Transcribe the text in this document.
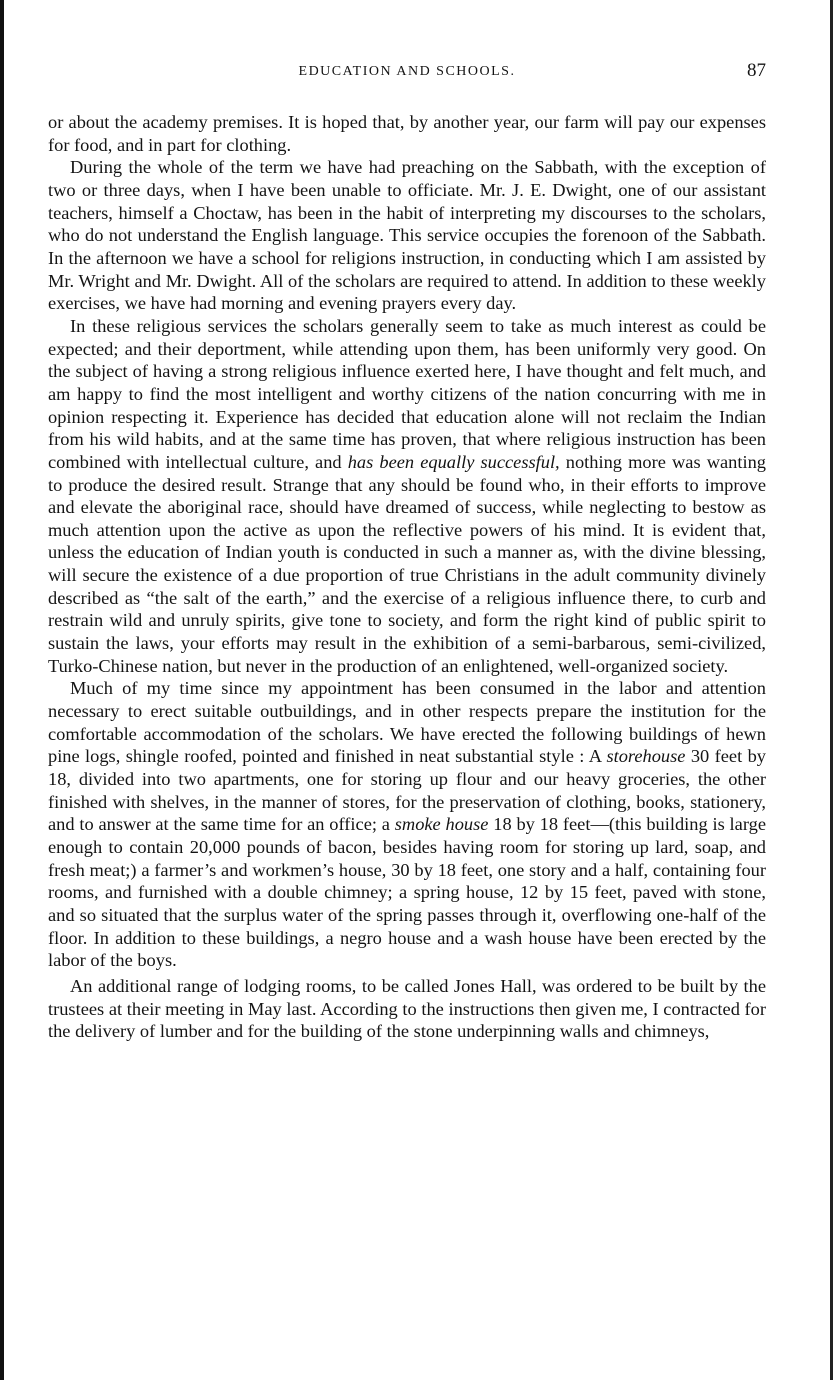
EDUCATION AND SCHOOLS.	87

or about the academy premises. It is hoped that, by another year, our farm will pay our expenses for food, and in part for clothing.

During the whole of the term we have had preaching on the Sabbath, with the exception of two or three days, when I have been unable to officiate. Mr. J. E. Dwight, one of our assistant teachers, himself a Choctaw, has been in the habit of interpreting my discourses to the scholars, who do not understand the English language. This service occupies the forenoon of the Sabbath. In the afternoon we have a school for religions instruction, in conducting which I am assisted by Mr. Wright and Mr. Dwight. All of the scholars are required to attend. In addition to these weekly exercises, we have had morning and evening prayers every day.

In these religious services the scholars generally seem to take as much interest as could be expected; and their deportment, while attending upon them, has been uniformly very good. On the subject of having a strong religious influence exerted here, I have thought and felt much, and am happy to find the most intelligent and worthy citizens of the nation concurring with me in opinion respecting it. Experience has decided that education alone will not reclaim the Indian from his wild habits, and at the same time has proven, that where religious instruction has been combined with intellectual culture, and has been equally successful, nothing more was wanting to produce the desired result. Strange that any should be found who, in their efforts to improve and elevate the aboriginal race, should have dreamed of success, while neglecting to bestow as much attention upon the active as upon the reflective powers of his mind. It is evident that, unless the education of Indian youth is conducted in such a manner as, with the divine blessing, will secure the existence of a due proportion of true Christians in the adult community divinely described as “the salt of the earth,” and the exercise of a religious influence there, to curb and restrain wild and unruly spirits, give tone to society, and form the right kind of public spirit to sustain the laws, your efforts may result in the exhibition of a semi-barbarous, semi-civilized, Turko-Chinese nation, but never in the production of an enlightened, well-organized society.

Much of my time since my appointment has been consumed in the labor and attention necessary to erect suitable outbuildings, and in other respects prepare the institution for the comfortable accommodation of the scholars. We have erected the following buildings of hewn pine logs, shingle roofed, pointed and finished in neat substantial style : A storehouse 30 feet by 18, divided into two apartments, one for storing up flour and our heavy groceries, the other finished with shelves, in the manner of stores, for the preservation of clothing, books, stationery, and to answer at the same time for an office; a smoke house 18 by 18 feet—(this building is large enough to contain 20,000 pounds of bacon, besides having room for storing up lard, soap, and fresh meat;) a farmer’s and workmen’s house, 30 by 18 feet, one story and a half, containing four rooms, and furnished with a double chimney; a spring house, 12 by 15 feet, paved with stone, and so situated that the surplus water of the spring passes through it, overflowing one-half of the floor. In addition to these buildings, a negro house and a wash house have been erected by the labor of the boys.

An additional range of lodging rooms, to be called Jones Hall, was ordered to be built by the trustees at their meeting in May last. According to the instructions then given me, I contracted for the delivery of lumber and for the building of the stone underpinning walls and chimneys,
